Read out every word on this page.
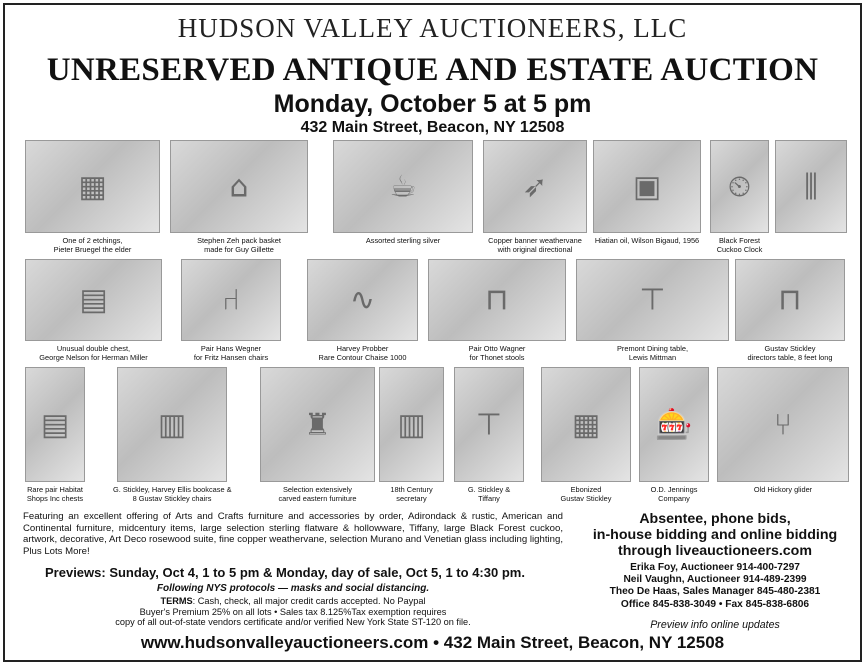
HUDSON VALLEY AUCTIONEERS, LLC
UNRESERVED ANTIQUE AND ESTATE AUCTION
Monday, October 5 at 5 pm
432 Main Street, Beacon, NY 12508
▦
One of 2 etchings,
Pieter Bruegel the elder
⌂
Stephen Zeh pack basket
made for Guy Gillette
☕
Assorted sterling silver
➶
Copper banner weathervane
with original directional
▣
Hiatian oil, Wilson Bigaud, 1956
⏲
Black Forest
Cuckoo Clock
⫼
▤
Unusual double chest,
George Nelson for Herman Miller
⑁
Pair Hans Wegner
for Fritz Hansen chairs
∿
Harvey Probber
Rare Contour Chaise 1000
⊓
Pair Otto Wagner
for Thonet stools
⊤
Premont Dining table,
Lewis Mittman
⊓
Gustav Stickley
directors table, 8 feet long
▤
Rare pair Habitat
Shops Inc chests
▥
G. Stickley, Harvey Ellis bookcase &
8 Gustav Stickley chairs
♜
Selection extensively
carved eastern furniture
▥
18th Century
secretary
⊤
G. Stickley &
Tiffany
▦
Ebonized
Gustav Stickley
🎰
O.D. Jennings
Company
⑂
Old Hickory glider
Featuring an excellent offering of Arts and Crafts furniture and accessories by order, Adirondack & rustic, American and Continental furniture, midcentury items, large selection sterling flatware & hollowware, Tiffany, large Black Forest cuckoo, artwork, decorative, Art Deco rosewood suite, fine copper weathervane, selection Murano and Venetian glass including lighting, Plus Lots More!
Previews: Sunday, Oct 4, 1 to 5 pm & Monday, day of sale, Oct 5, 1 to 4:30 pm.
Following NYS protocols — masks and social distancing.
TERMS: Cash, check, all major credit cards accepted. No Paypal
Buyer's Premium 25% on all lots • Sales tax 8.125%Tax exemption requires
copy of all out-of-state vendors certificate and/or verified New York State ST-120 on file.
Absentee, phone bids,
in-house bidding and online bidding
through liveauctioneers.com
Erika Foy, Auctioneer 914-400-7297
Neil Vaughn, Auctioneer 914-489-2399
Theo De Haas, Sales Manager 845-480-2381
Office 845-838-3049 • Fax 845-838-6806
Preview info online updates
www.hudsonvalleyauctioneers.com • 432 Main Street, Beacon, NY 12508
